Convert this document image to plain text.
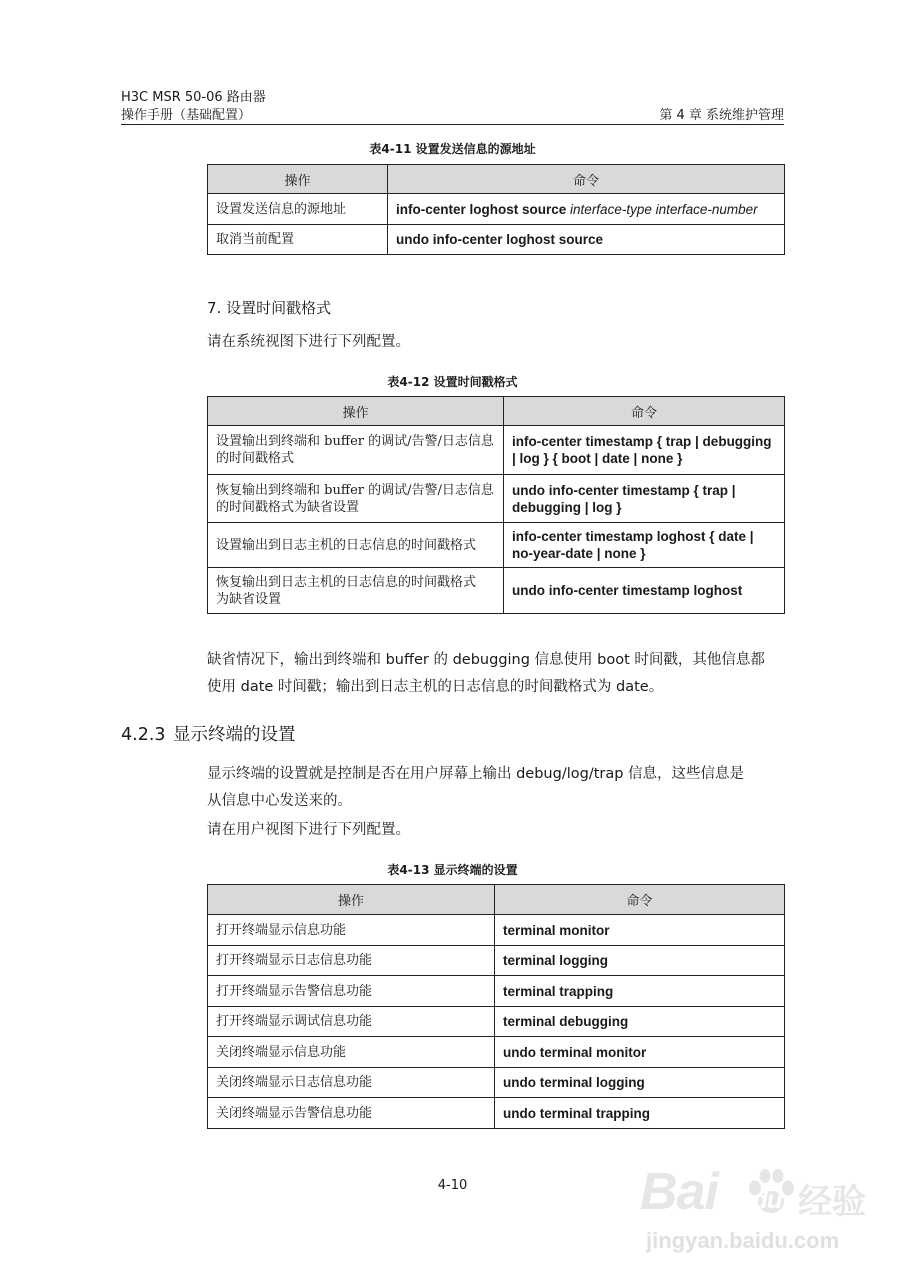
H3C MSR 50-06 路由器
操作手册（基础配置）	第 4 章 系统维护管理
表4-11 设置发送信息的源地址
操作	命令
设置发送信息的源地址	info-center loghost source interface-type interface-number
取消当前配置	undo info-center loghost source
7. 设置时间戳格式
请在系统视图下进行下列配置。
表4-12 设置时间戳格式
操作	命令
设置输出到终端和 buffer 的调试/告警/日志信息
的时间戳格式	info-center timestamp { trap | debugging
| log } { boot | date | none }
恢复输出到终端和 buffer 的调试/告警/日志信息
的时间戳格式为缺省设置	undo info-center timestamp { trap |
debugging | log }
设置输出到日志主机的日志信息的时间戳格式	info-center timestamp loghost { date |
no-year-date | none }
恢复输出到日志主机的日志信息的时间戳格式
为缺省设置	undo info-center timestamp loghost
缺省情况下，输出到终端和 buffer 的 debugging 信息使用 boot 时间戳，其他信息都
使用 date 时间戳；输出到日志主机的日志信息的时间戳格式为 date。
4.2.3 显示终端的设置
显示终端的设置就是控制是否在用户屏幕上输出 debug/log/trap 信息，这些信息是
从信息中心发送来的。
请在用户视图下进行下列配置。
表4-13 显示终端的设置
操作	命令
打开终端显示信息功能	terminal monitor
打开终端显示日志信息功能	terminal logging
打开终端显示告警信息功能	terminal trapping
打开终端显示调试信息功能	terminal debugging
关闭终端显示信息功能	undo terminal monitor
关闭终端显示日志信息功能	undo terminal logging
关闭终端显示告警信息功能	undo terminal trapping
4-10	Bai du 经验
jingyan.baidu.com
